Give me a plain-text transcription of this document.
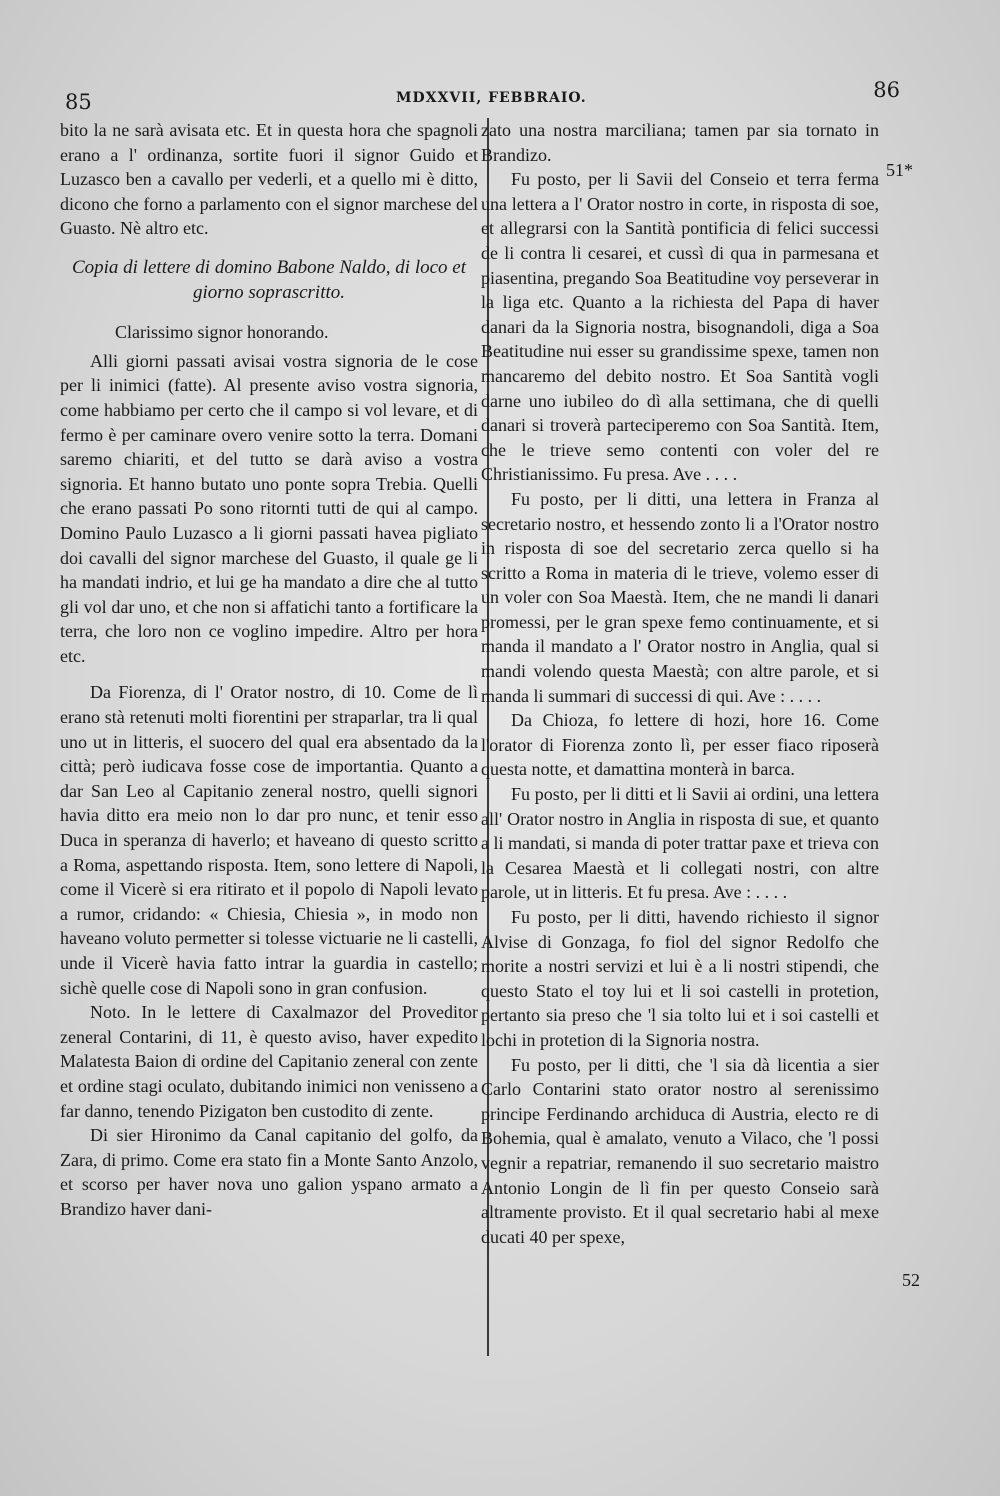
85	MDXXVII, FEBBRAIO.	86

bito la ne sarà avisata etc. Et in questa hora che spagnoli erano a l' ordinanza, sortite fuori il signor Guido et Luzasco ben a cavallo per vederli, et a quello mi è ditto, dicono che forno a parlamento con el signor marchese del Guasto. Nè altro etc.

Copia di lettere di domino Babone Naldo, di loco et giorno soprascritto.

Clarissimo signor honorando.

Alli giorni passati avisai vostra signoria de le cose per li inimici (fatte). Al presente aviso vostra signoria, come habbiamo per certo che il campo si vol levare, et di fermo è per caminare overo venire sotto la terra. Domani saremo chiariti, et del tutto se darà aviso a vostra signoria. Et hanno butato uno ponte sopra Trebia. Quelli che erano passati Po sono ritornti tutti de qui al campo. Domino Paulo Luzasco a li giorni passati havea pigliato doi cavalli del signor marchese del Guasto, il quale ge li ha mandati indrio, et lui ge ha mandato a dire che al tutto gli vol dar uno, et che non si affatichi tanto a fortificare la terra, che loro non ce voglino impedire. Altro per hora etc.

Da Fiorenza, di l' Orator nostro, di 10. Come de lì erano stà retenuti molti fiorentini per straparlar, tra li qual uno ut in litteris, el suocero del qual era absentado da la città; però iudicava fosse cose de importantia. Quanto a dar San Leo al Capitanio zeneral nostro, quelli signori havia ditto era meio non lo dar pro nunc, et tenir esso Duca in speranza di haverlo; et haveano di questo scritto a Roma, aspettando risposta. Item, sono lettere di Napoli, come il Vicerè si era ritirato et il popolo di Napoli levato a rumor, cridando: « Chiesia, Chiesia », in modo non haveano voluto permetter si tolesse victuarie ne li castelli, unde il Vicerè havia fatto intrar la guardia in castello; sichè quelle cose di Napoli sono in gran confusion.

Noto. In le lettere di Caxalmazor del Proveditor zeneral Contarini, di 11, è questo aviso, haver expedito Malatesta Baion di ordine del Capitanio zeneral con zente et ordine stagi oculato, dubitando inimici non venisseno a far danno, tenendo Pizigaton ben custodito di zente.

Di sier Hironimo da Canal capitanio del golfo, da Zara, di primo. Come era stato fin a Monte Santo Anzolo, et scorso per haver nova uno galion yspano armato a Brandizo haver dani-

zato una nostra marciliana; tamen par sia tornato in Brandizo.

Fu posto, per li Savii del Conseio et terra ferma una lettera a l' Orator nostro in corte, in risposta di soe, et allegrarsi con la Santità pontificia di felici successi de li contra li cesarei, et cussì di qua in parmesana et piasentina, pregando Soa Beatitudine voy perseverar in la liga etc. Quanto a la richiesta del Papa di haver danari da la Signoria nostra, bisognandoli, diga a Soa Beatitudine nui esser su grandissime spexe, tamen non mancaremo del debito nostro. Et Soa Santità vogli darne uno iubileo do dì alla settimana, che di quelli danari si troverà parteciperemo con Soa Santità. Item, che le trieve semo contenti con voler del re Christianissimo. Fu presa. Ave . . . .

Fu posto, per li ditti, una lettera in Franza al secretario nostro, et hessendo zonto li a l'Orator nostro in risposta di soe del secretario zerca quello si ha scritto a Roma in materia di le trieve, volemo esser di un voler con Soa Maestà. Item, che ne mandi li danari promessi, per le gran spexe femo continuamente, et si manda il mandato a l' Orator nostro in Anglia, qual si mandi volendo questa Maestà; con altre parole, et si manda li summari di successi di qui. Ave : . . . .

Da Chioza, fo lettere di hozi, hore 16. Come l'orator di Fiorenza zonto lì, per esser fiaco riposerà questa notte, et damattina monterà in barca.

Fu posto, per li ditti et li Savii ai ordini, una lettera all' Orator nostro in Anglia in risposta di sue, et quanto a li mandati, si manda di poter trattar paxe et trieva con la Cesarea Maestà et li collegati nostri, con altre parole, ut in litteris. Et fu presa. Ave : . . . .

Fu posto, per li ditti, havendo richiesto il signor Alvise di Gonzaga, fo fiol del signor Redolfo che morite a nostri servizi et lui è a li nostri stipendi, che questo Stato el toy lui et li soi castelli in protetion, pertanto sia preso che 'l sia tolto lui et i soi castelli et lochi in protetion di la Signoria nostra.

Fu posto, per li ditti, che 'l sia dà licentia a sier Carlo Contarini stato orator nostro al serenissimo principe Ferdinando archiduca di Austria, electo re di Bohemia, qual è amalato, venuto a Vilaco, che 'l possi vegnir a repatriar, remanendo il suo secretario maistro Antonio Longin de lì fin per questo Conseio sarà altramente provisto. Et il qual secretario habi al mexe ducati 40 per spexe,

51*
52
